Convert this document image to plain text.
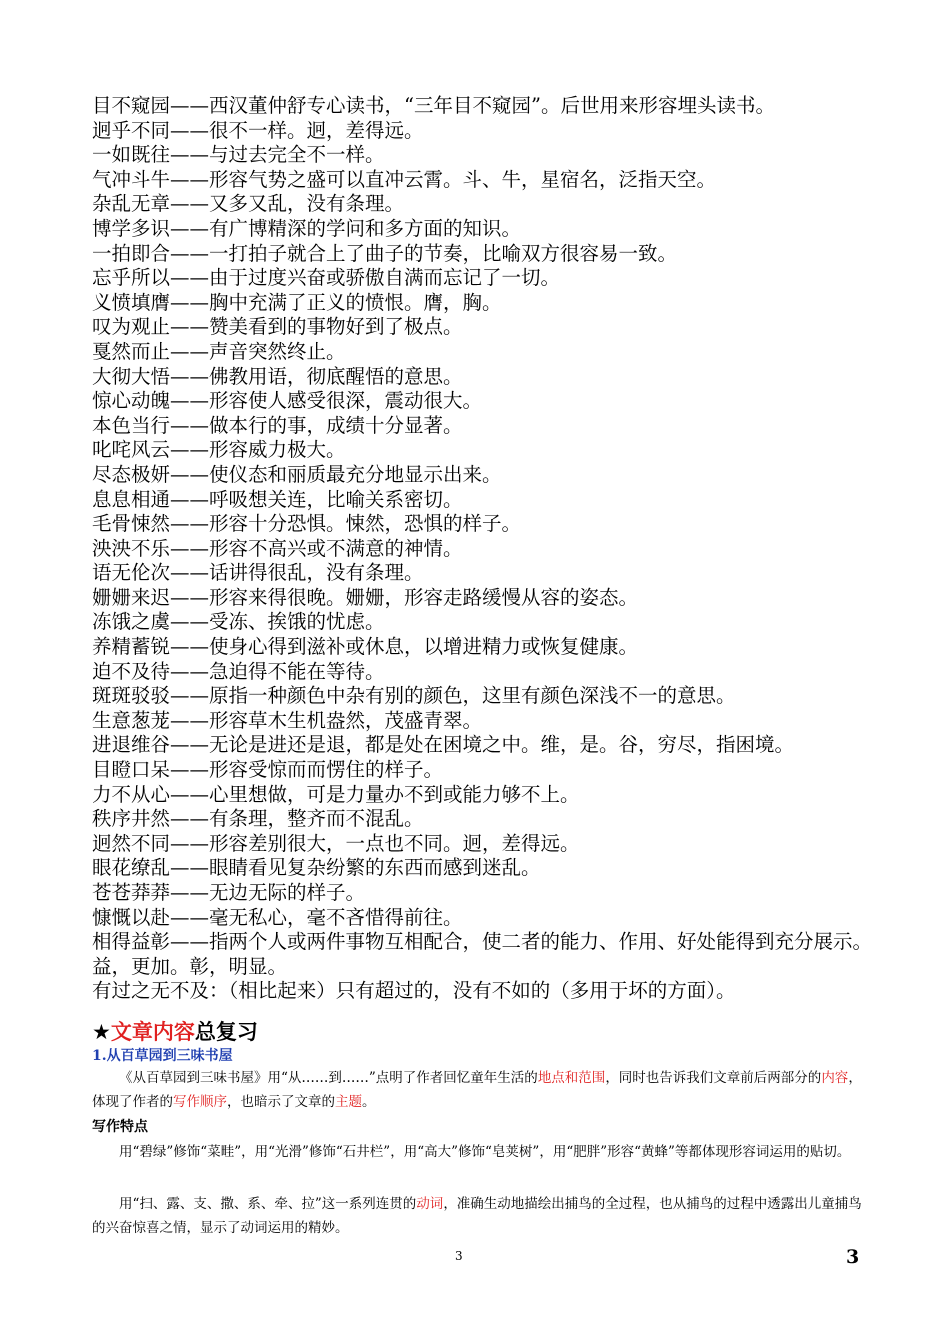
目不窥园——西汉董仲舒专心读书，“三年目不窥园”。后世用来形容埋头读书。
迥乎不同——很不一样。迥，差得远。
一如既往——与过去完全不一样。
气冲斗牛——形容气势之盛可以直冲云霄。斗、牛，星宿名，泛指天空。
杂乱无章——又多又乱，没有条理。
博学多识——有广博精深的学问和多方面的知识。
一拍即合——一打拍子就合上了曲子的节奏，比喻双方很容易一致。
忘乎所以——由于过度兴奋或骄傲自满而忘记了一切。
义愤填膺——胸中充满了正义的愤恨。膺，胸。
叹为观止——赞美看到的事物好到了极点。
戛然而止——声音突然终止。
大彻大悟——佛教用语，彻底醒悟的意思。
惊心动魄——形容使人感受很深，震动很大。
本色当行——做本行的事，成绩十分显著。
叱咤风云——形容威力极大。
尽态极妍——使仪态和丽质最充分地显示出来。
息息相通——呼吸想关连，比喻关系密切。
毛骨悚然——形容十分恐惧。悚然，恐惧的样子。
泱泱不乐——形容不高兴或不满意的神情。
语无伦次——话讲得很乱，没有条理。
姗姗来迟——形容来得很晚。姗姗，形容走路缓慢从容的姿态。
冻饿之虞——受冻、挨饿的忧虑。
养精蓄锐——使身心得到滋补或休息，以增进精力或恢复健康。
迫不及待——急迫得不能在等待。
斑斑驳驳——原指一种颜色中杂有别的颜色，这里有颜色深浅不一的意思。
生意葱茏——形容草木生机盎然，茂盛青翠。
进退维谷——无论是进还是退，都是处在困境之中。维，是。谷，穷尽，指困境。
目瞪口呆——形容受惊而而愣住的样子。
力不从心——心里想做，可是力量办不到或能力够不上。
秩序井然——有条理，整齐而不混乱。
迥然不同——形容差别很大，一点也不同。迥，差得远。
眼花缭乱——眼睛看见复杂纷繁的东西而感到迷乱。
苍苍莽莽——无边无际的样子。
慷慨以赴——毫无私心，毫不吝惜得前往。
相得益彰——指两个人或两件事物互相配合，使二者的能力、作用、好处能得到充分展示。益，更加。彰，明显。
有过之无不及：（相比起来）只有超过的，没有不如的（多用于坏的方面）。
★文章内容总复习
1.从百草园到三味书屋
《从百草园到三味书屋》用“从……到……”点明了作者回忆童年生活的地点和范围，同时也告诉我们文章前后两部分的内容，体现了作者的写作顺序，也暗示了文章的主题。
写作特点
用“碧绿”修饰“菜畦”，用“光滑”修饰“石井栏”，用“高大”修饰“皂荚树”，用“肥胖”形容“黄蜂”等都体现形容词运用的贴切。
用“扫、露、支、撒、系、牵、拉”这一系列连贯的动词，准确生动地描绘出捕鸟的全过程，也从捕鸟的过程中透露出儿童捕鸟的兴奋惊喜之情，显示了动词运用的精妙。
3	3
